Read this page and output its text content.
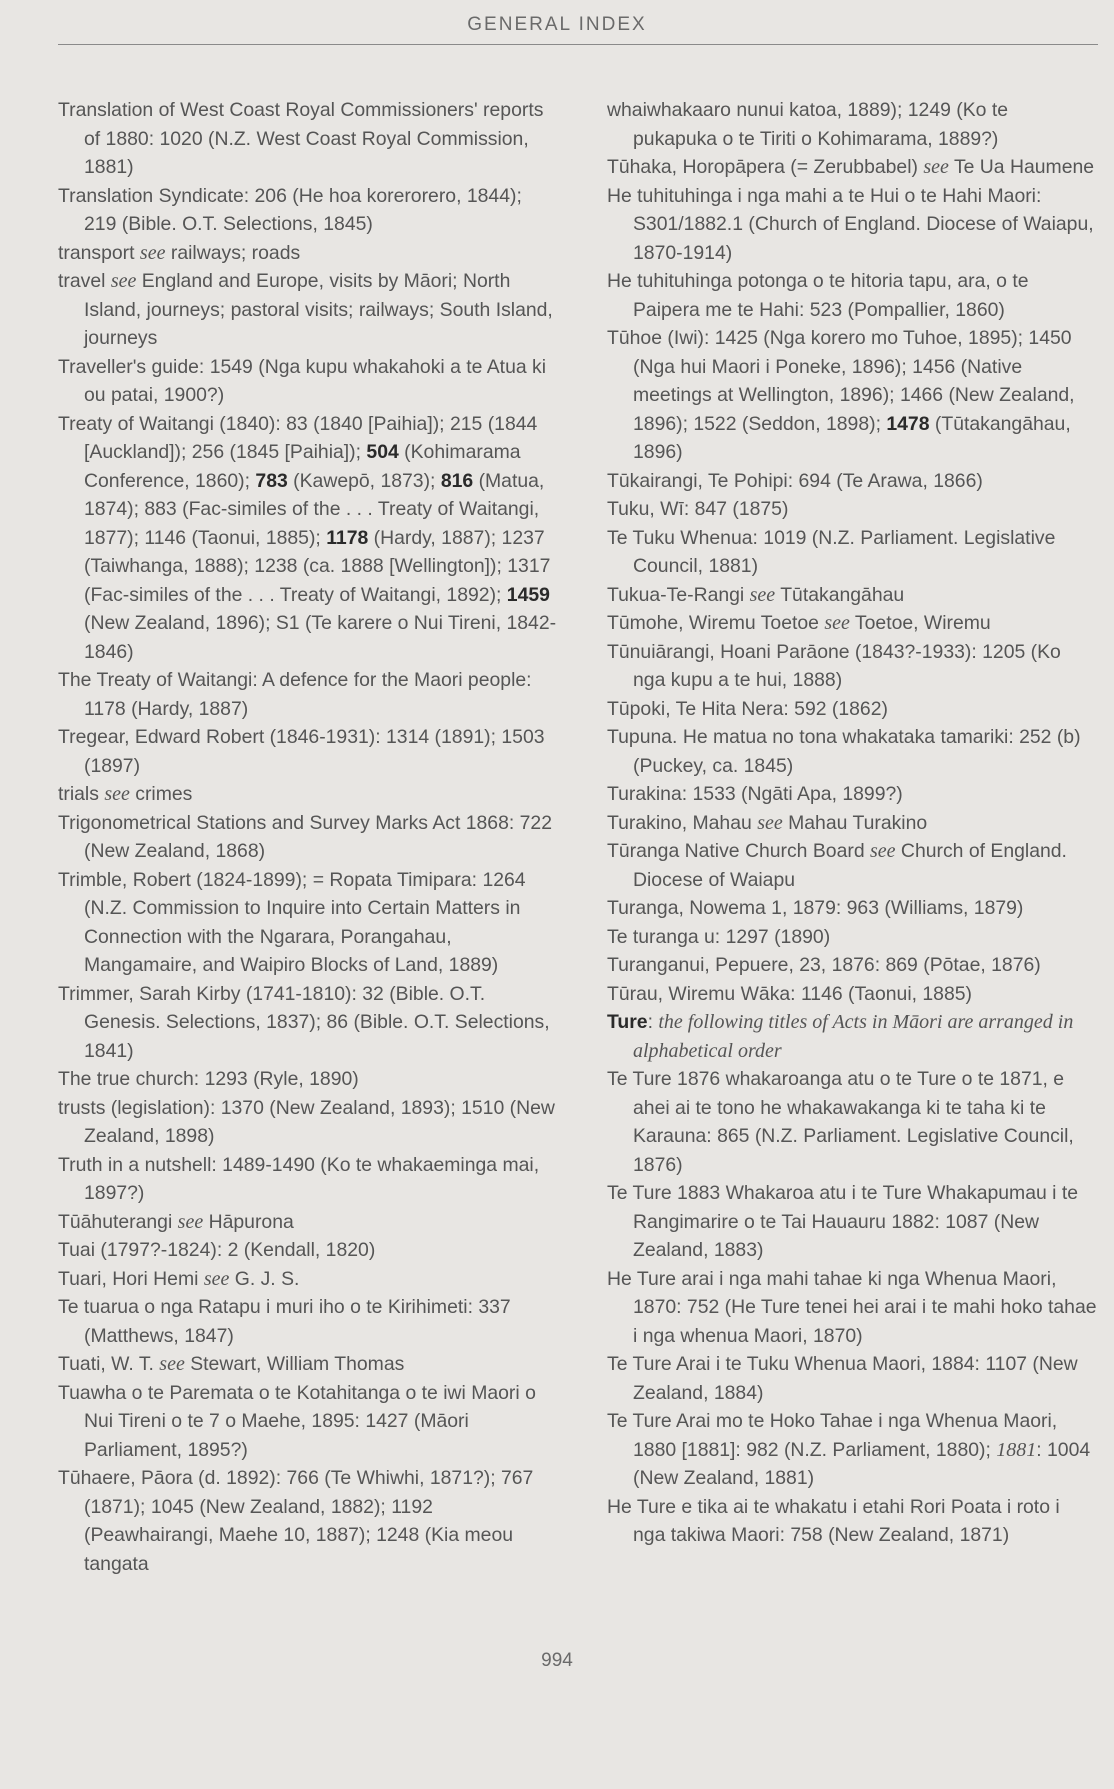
GENERAL INDEX
Translation of West Coast Royal Commissioners' reports of 1880: 1020 (N.Z. West Coast Royal Commission, 1881)
Translation Syndicate: 206 (He hoa korerorero, 1844); 219 (Bible. O.T. Selections, 1845)
transport see railways; roads
travel see England and Europe, visits by Māori; North Island, journeys; pastoral visits; railways; South Island, journeys
Traveller's guide: 1549 (Nga kupu whakahoki a te Atua ki ou patai, 1900?)
Treaty of Waitangi (1840): 83 (1840 [Paihia]); 215 (1844 [Auckland]); 256 (1845 [Paihia]); 504 (Kohimarama Conference, 1860); 783 (Kawepō, 1873); 816 (Matua, 1874); 883 (Fac-similes of the . . . Treaty of Waitangi, 1877); 1146 (Taonui, 1885); 1178 (Hardy, 1887); 1237 (Taiwhanga, 1888); 1238 (ca. 1888 [Wellington]); 1317 (Fac-similes of the . . . Treaty of Waitangi, 1892); 1459 (New Zealand, 1896); S1 (Te karere o Nui Tireni, 1842-1846)
The Treaty of Waitangi: A defence for the Maori people: 1178 (Hardy, 1887)
Tregear, Edward Robert (1846-1931): 1314 (1891); 1503 (1897)
trials see crimes
Trigonometrical Stations and Survey Marks Act 1868: 722 (New Zealand, 1868)
Trimble, Robert (1824-1899); = Ropata Timipara: 1264 (N.Z. Commission to Inquire into Certain Matters in Connection with the Ngarara, Porangahau, Mangamaire, and Waipiro Blocks of Land, 1889)
Trimmer, Sarah Kirby (1741-1810): 32 (Bible. O.T. Genesis. Selections, 1837); 86 (Bible. O.T. Selections, 1841)
The true church: 1293 (Ryle, 1890)
trusts (legislation): 1370 (New Zealand, 1893); 1510 (New Zealand, 1898)
Truth in a nutshell: 1489-1490 (Ko te whakaeminga mai, 1897?)
Tūāhuterangi see Hāpurona
Tuai (1797?-1824): 2 (Kendall, 1820)
Tuari, Hori Hemi see G. J. S.
Te tuarua o nga Ratapu i muri iho o te Kirihimeti: 337 (Matthews, 1847)
Tuati, W. T. see Stewart, William Thomas
Tuawha o te Paremata o te Kotahitanga o te iwi Maori o Nui Tireni o te 7 o Maehe, 1895: 1427 (Māori Parliament, 1895?)
Tūhaere, Pāora (d. 1892): 766 (Te Whiwhi, 1871?); 767 (1871); 1045 (New Zealand, 1882); 1192 (Peawhairangi, Maehe 10, 1887); 1248 (Kia meou tangata
whaiwhakaaro nunui katoa, 1889); 1249 (Ko te pukapuka o te Tiriti o Kohimarama, 1889?)
Tūhaka, Horopāpera (= Zerubbabel) see Te Ua Haumene
He tuhituhinga i nga mahi a te Hui o te Hahi Maori: S301/1882.1 (Church of England. Diocese of Waiapu, 1870-1914)
He tuhituhinga potonga o te hitoria tapu, ara, o te Paipera me te Hahi: 523 (Pompallier, 1860)
Tūhoe (Iwi): 1425 (Nga korero mo Tuhoe, 1895); 1450 (Nga hui Maori i Poneke, 1896); 1456 (Native meetings at Wellington, 1896); 1466 (New Zealand, 1896); 1522 (Seddon, 1898); 1478 (Tūtakangāhau, 1896)
Tūkairangi, Te Pohipi: 694 (Te Arawa, 1866)
Tuku, Wī: 847 (1875)
Te Tuku Whenua: 1019 (N.Z. Parliament. Legislative Council, 1881)
Tukua-Te-Rangi see Tūtakangāhau
Tūmohe, Wiremu Toetoe see Toetoe, Wiremu
Tūnuiārangi, Hoani Parāone (1843?-1933): 1205 (Ko nga kupu a te hui, 1888)
Tūpoki, Te Hita Nera: 592 (1862)
Tupuna. He matua no tona whakataka tamariki: 252 (b) (Puckey, ca. 1845)
Turakina: 1533 (Ngāti Apa, 1899?)
Turakino, Mahau see Mahau Turakino
Tūranga Native Church Board see Church of England. Diocese of Waiapu
Turanga, Nowema 1, 1879: 963 (Williams, 1879)
Te turanga u: 1297 (1890)
Turanganui, Pepuere, 23, 1876: 869 (Pōtae, 1876)
Tūrau, Wiremu Wāka: 1146 (Taonui, 1885)
Ture: the following titles of Acts in Māori are arranged in alphabetical order
Te Ture 1876 whakaroanga atu o te Ture o te 1871, e ahei ai te tono he whakawakanga ki te taha ki te Karauna: 865 (N.Z. Parliament. Legislative Council, 1876)
Te Ture 1883 Whakaroa atu i te Ture Whakapumau i te Rangimarire o te Tai Hauauru 1882: 1087 (New Zealand, 1883)
He Ture arai i nga mahi tahae ki nga Whenua Maori, 1870: 752 (He Ture tenei hei arai i te mahi hoko tahae i nga whenua Maori, 1870)
Te Ture Arai i te Tuku Whenua Maori, 1884: 1107 (New Zealand, 1884)
Te Ture Arai mo te Hoko Tahae i nga Whenua Maori, 1880 [1881]: 982 (N.Z. Parliament, 1880); 1881: 1004 (New Zealand, 1881)
He Ture e tika ai te whakatu i etahi Rori Poata i roto i nga takiwa Maori: 758 (New Zealand, 1871)
994
